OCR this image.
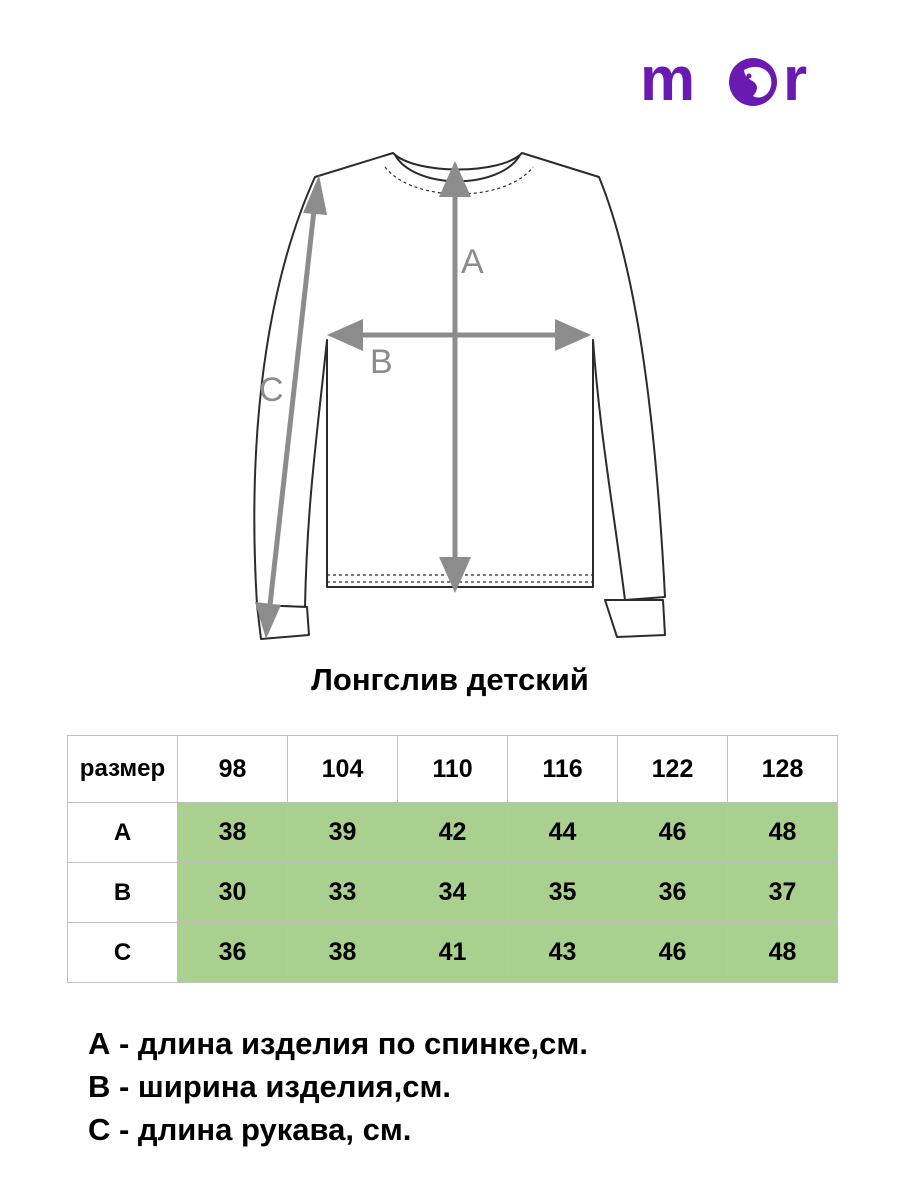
m r
A
B
C
Лонгслив детский
размер	98	104	110	116	122	128
A	38	39	42	44	46	48
B	30	33	34	35	36	37
C	36	38	41	43	46	48
А - длина изделия по спинке,см.
В - ширина изделия,см.
С - длина рукава, см.
